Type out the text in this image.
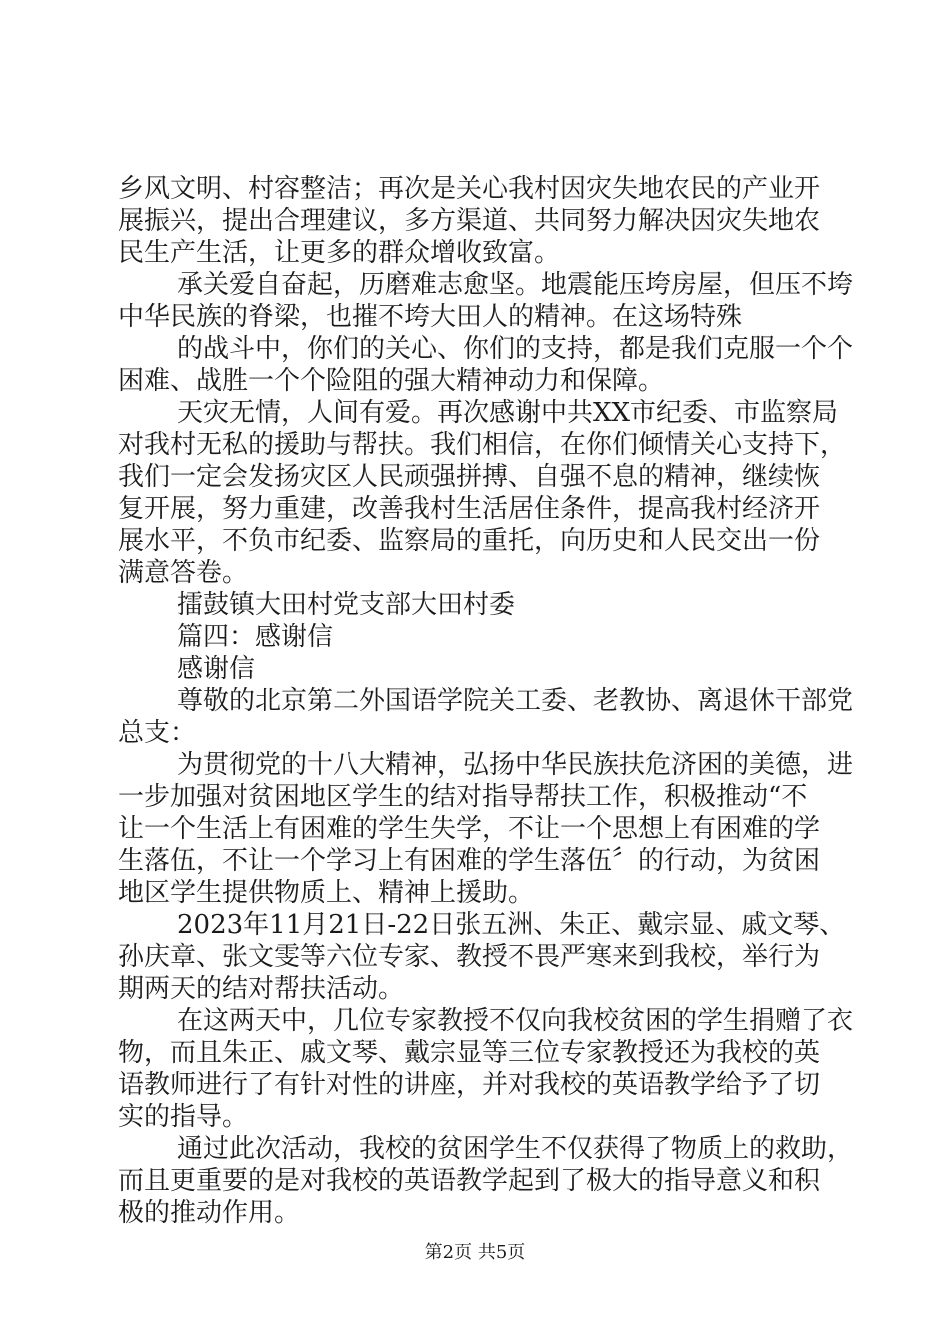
乡风文明、村容整洁；再次是关心我村因灾失地农民的产业开
展振兴，提出合理建议，多方渠道、共同努力解决因灾失地农
民生产生活，让更多的群众增收致富。
承关爱自奋起，历磨难志愈坚。地震能压垮房屋，但压不垮
中华民族的脊梁，也摧不垮大田人的精神。在这场特殊
的战斗中，你们的关心、你们的支持，都是我们克服一个个
困难、战胜一个个险阻的强大精神动力和保障。
天灾无情，人间有爱。再次感谢中共XX市纪委、市监察局
对我村无私的援助与帮扶。我们相信，在你们倾情关心支持下，
我们一定会发扬灾区人民顽强拼搏、自强不息的精神，继续恢
复开展，努力重建，改善我村生活居住条件，提高我村经济开
展水平，不负市纪委、监察局的重托，向历史和人民交出一份
满意答卷。
擂鼓镇大田村党支部大田村委
篇四：感谢信
感谢信
尊敬的北京第二外国语学院关工委、老教协、离退休干部党
总支：
为贯彻党的十八大精神，弘扬中华民族扶危济困的美德，进
一步加强对贫困地区学生的结对指导帮扶工作，积极推动“不
让一个生活上有困难的学生失学，不让一个思想上有困难的学
生落伍，不让一个学习上有困难的学生落伍〞的行动，为贫困
地区学生提供物质上、精神上援助。
2023年11月21日-22日张五洲、朱正、戴宗显、戚文琴、
孙庆章、张文雯等六位专家、教授不畏严寒来到我校，举行为
期两天的结对帮扶活动。
在这两天中，几位专家教授不仅向我校贫困的学生捐赠了衣
物，而且朱正、戚文琴、戴宗显等三位专家教授还为我校的英
语教师进行了有针对性的讲座，并对我校的英语教学给予了切
实的指导。
通过此次活动，我校的贫困学生不仅获得了物质上的救助，
而且更重要的是对我校的英语教学起到了极大的指导意义和积
极的推动作用。
第2页 共5页
